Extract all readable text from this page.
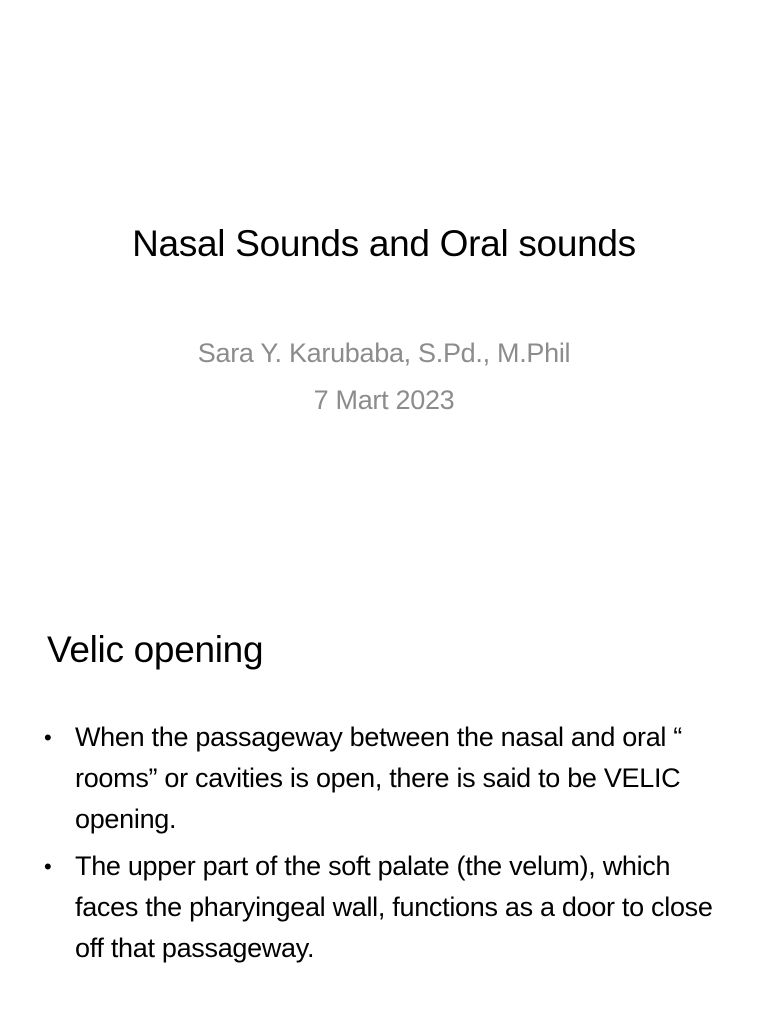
Nasal Sounds and Oral sounds
Sara Y. Karubaba, S.Pd., M.Phil
7 Mart 2023
Velic opening
• When the passageway between the nasal and oral “ rooms” or cavities is open, there is said to be VELIC opening.
• The upper part of the soft palate (the velum), which faces the pharyingeal wall, functions as a door to close off that passageway.
